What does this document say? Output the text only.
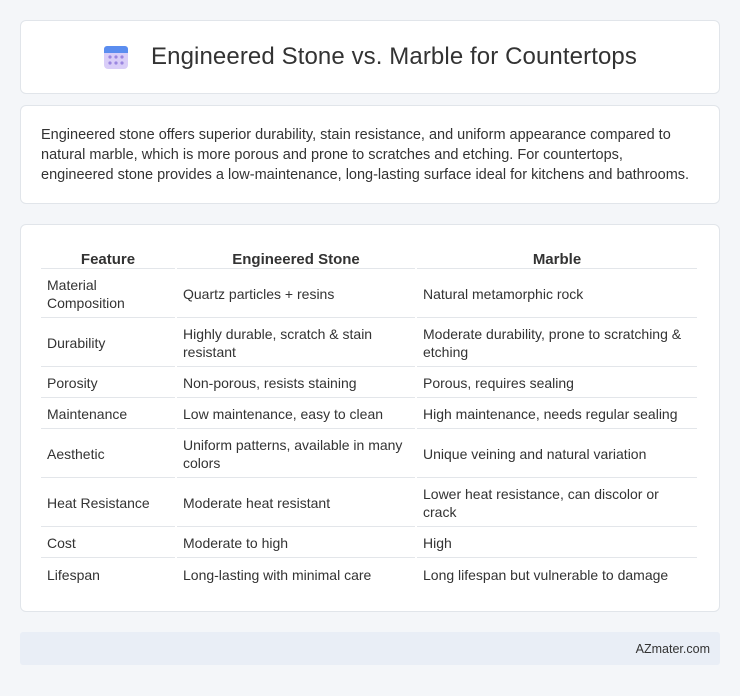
Engineered Stone vs. Marble for Countertops

Engineered stone offers superior durability, stain resistance, and uniform appearance compared to natural marble, which is more porous and prone to scratches and etching. For countertops, engineered stone provides a low-maintenance, long-lasting surface ideal for kitchens and bathrooms.

Feature	Engineered Stone	Marble
Material Composition	Quartz particles + resins	Natural metamorphic rock
Durability	Highly durable, scratch & stain resistant	Moderate durability, prone to scratching & etching
Porosity	Non-porous, resists staining	Porous, requires sealing
Maintenance	Low maintenance, easy to clean	High maintenance, needs regular sealing
Aesthetic	Uniform patterns, available in many colors	Unique veining and natural variation
Heat Resistance	Moderate heat resistant	Lower heat resistance, can discolor or crack
Cost	Moderate to high	High
Lifespan	Long-lasting with minimal care	Long lifespan but vulnerable to damage
AZmater.com
